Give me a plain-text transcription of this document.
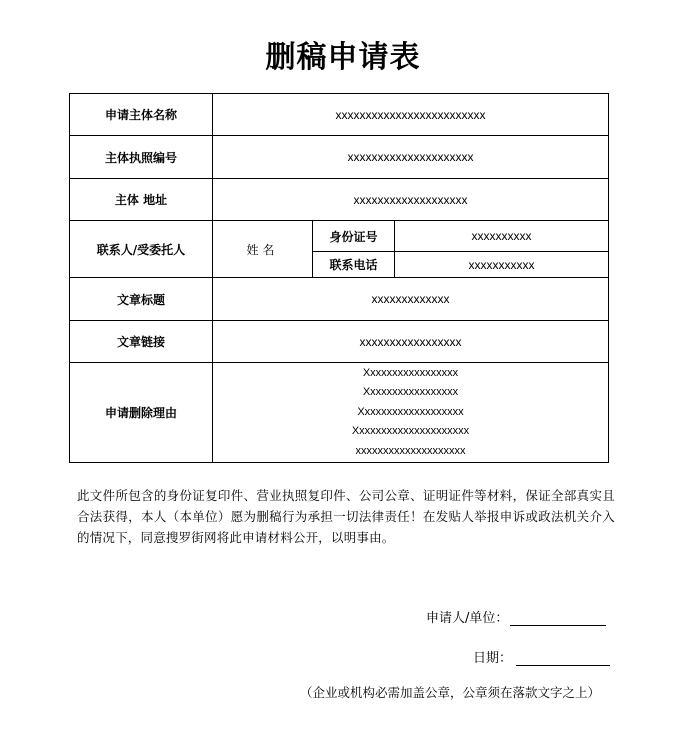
删稿申请表
申请主体名称	xxxxxxxxxxxxxxxxxxxxxxxxx		
主体执照编号	xxxxxxxxxxxxxxxxxxxxx		
主体 地址	xxxxxxxxxxxxxxxxxxx		
联系人/受委托人	姓名	身份证号	xxxxxxxxxx
		联系电话	xxxxxxxxxxx
文章标题	xxxxxxxxxxxxx		
文章链接	xxxxxxxxxxxxxxxxx		
申请删除理由	Xxxxxxxxxxxxxxxxx
Xxxxxxxxxxxxxxxxx
Xxxxxxxxxxxxxxxxxxx
Xxxxxxxxxxxxxxxxxxxxx
xxxxxxxxxxxxxxxxxxxx		
此文件所包含的身份证复印件、营业执照复印件、公司公章、证明证件等材料，保证全部真实且合法获得，本人（本单位）愿为删稿行为承担一切法律责任！在发贴人举报申诉或政法机关介入的情况下，同意搜罗街网将此申请材料公开，以明事由。
申请人/单位：
日期：
（企业或机构必需加盖公章，公章须在落款文字之上）
